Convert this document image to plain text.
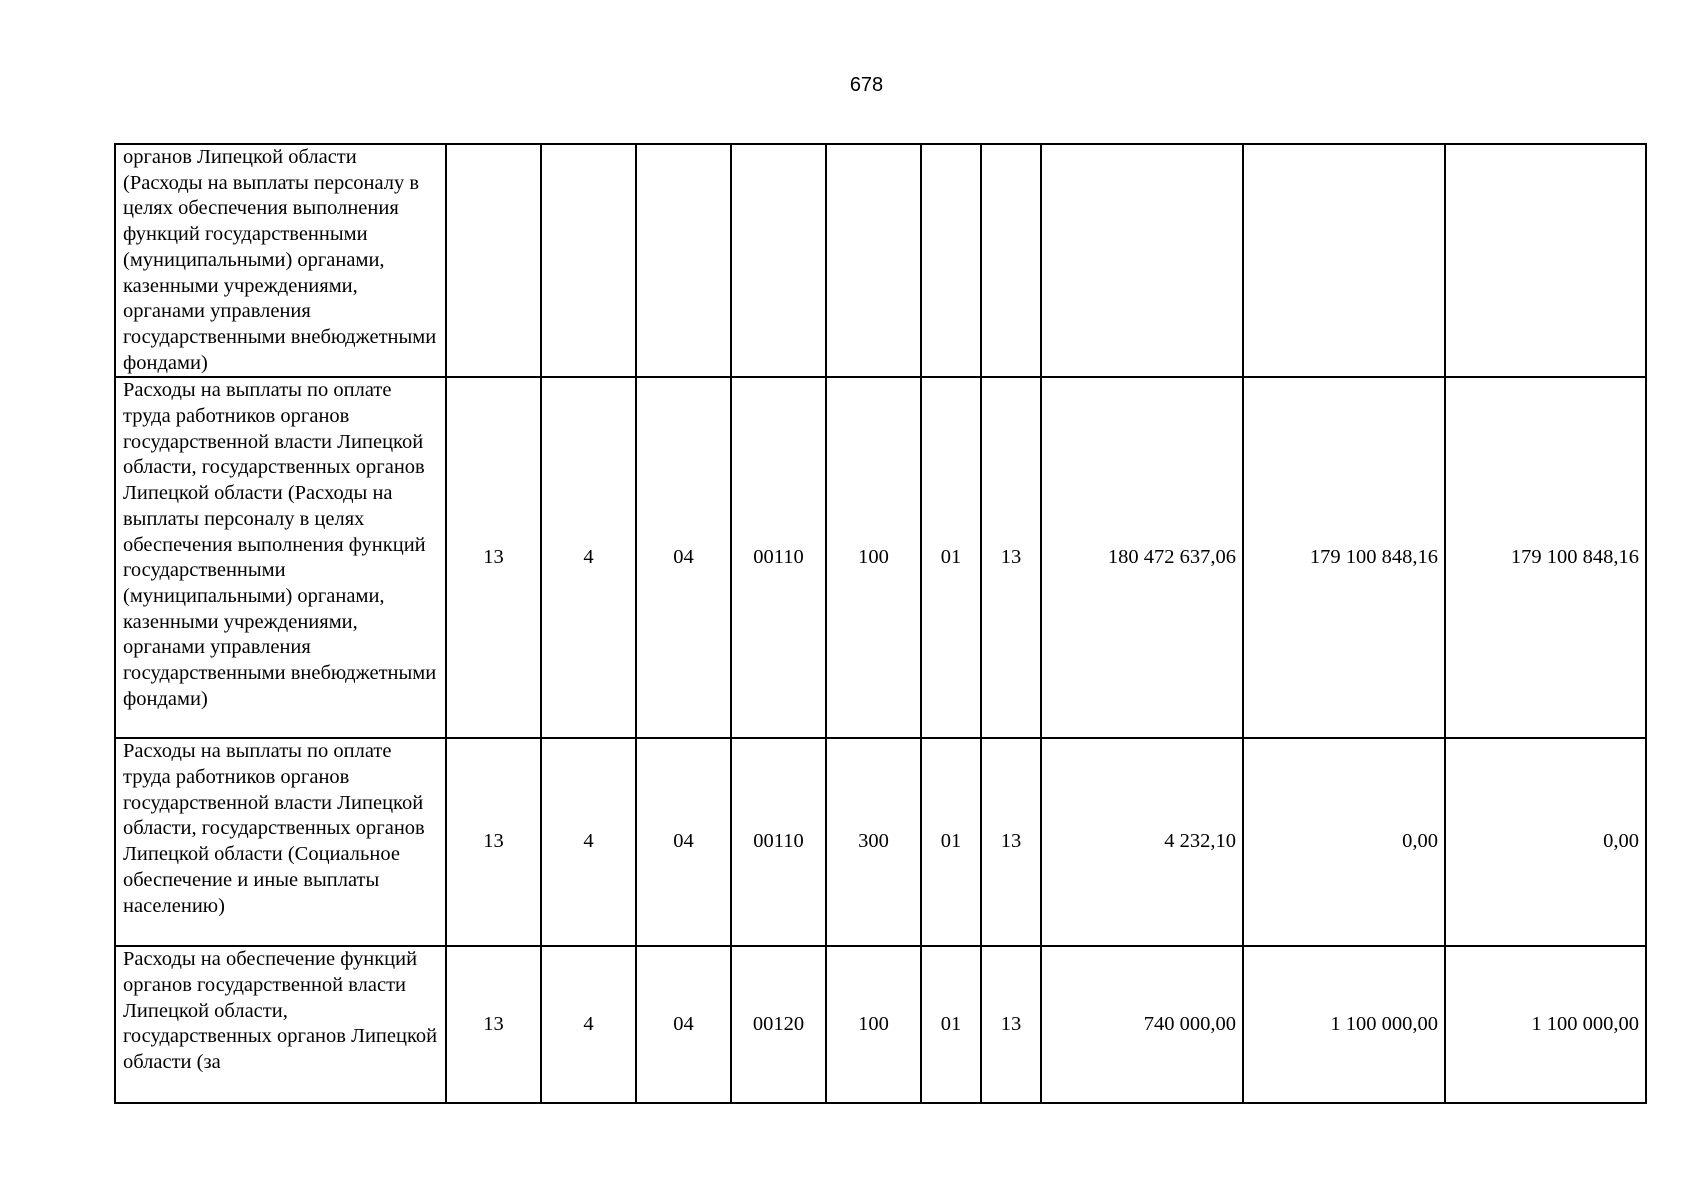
678
органов Липецкой области (Расходы на выплаты персоналу в целях обеспечения выполнения функций государственными (муниципальными) органами, казенными учреждениями, органами управления государственными внебюджетными фондами)										
Расходы на выплаты по оплате труда работников органов государственной власти Липецкой области, государственных органов Липецкой области (Расходы на выплаты персоналу в целях обеспечения выполнения функций государственными (муниципальными) органами, казенными учреждениями, органами управления государственными внебюджетными фондами)	13	4	04	00110	100	01	13	180 472 637,06	179 100 848,16	179 100 848,16
Расходы на выплаты по оплате труда работников органов государственной власти Липецкой области, государственных органов Липецкой области (Социальное обеспечение и иные выплаты населению)	13	4	04	00110	300	01	13	4 232,10	0,00	0,00
Расходы на обеспечение функций органов государственной власти Липецкой области, государственных органов Липецкой области (за	13	4	04	00120	100	01	13	740 000,00	1 100 000,00	1 100 000,00
